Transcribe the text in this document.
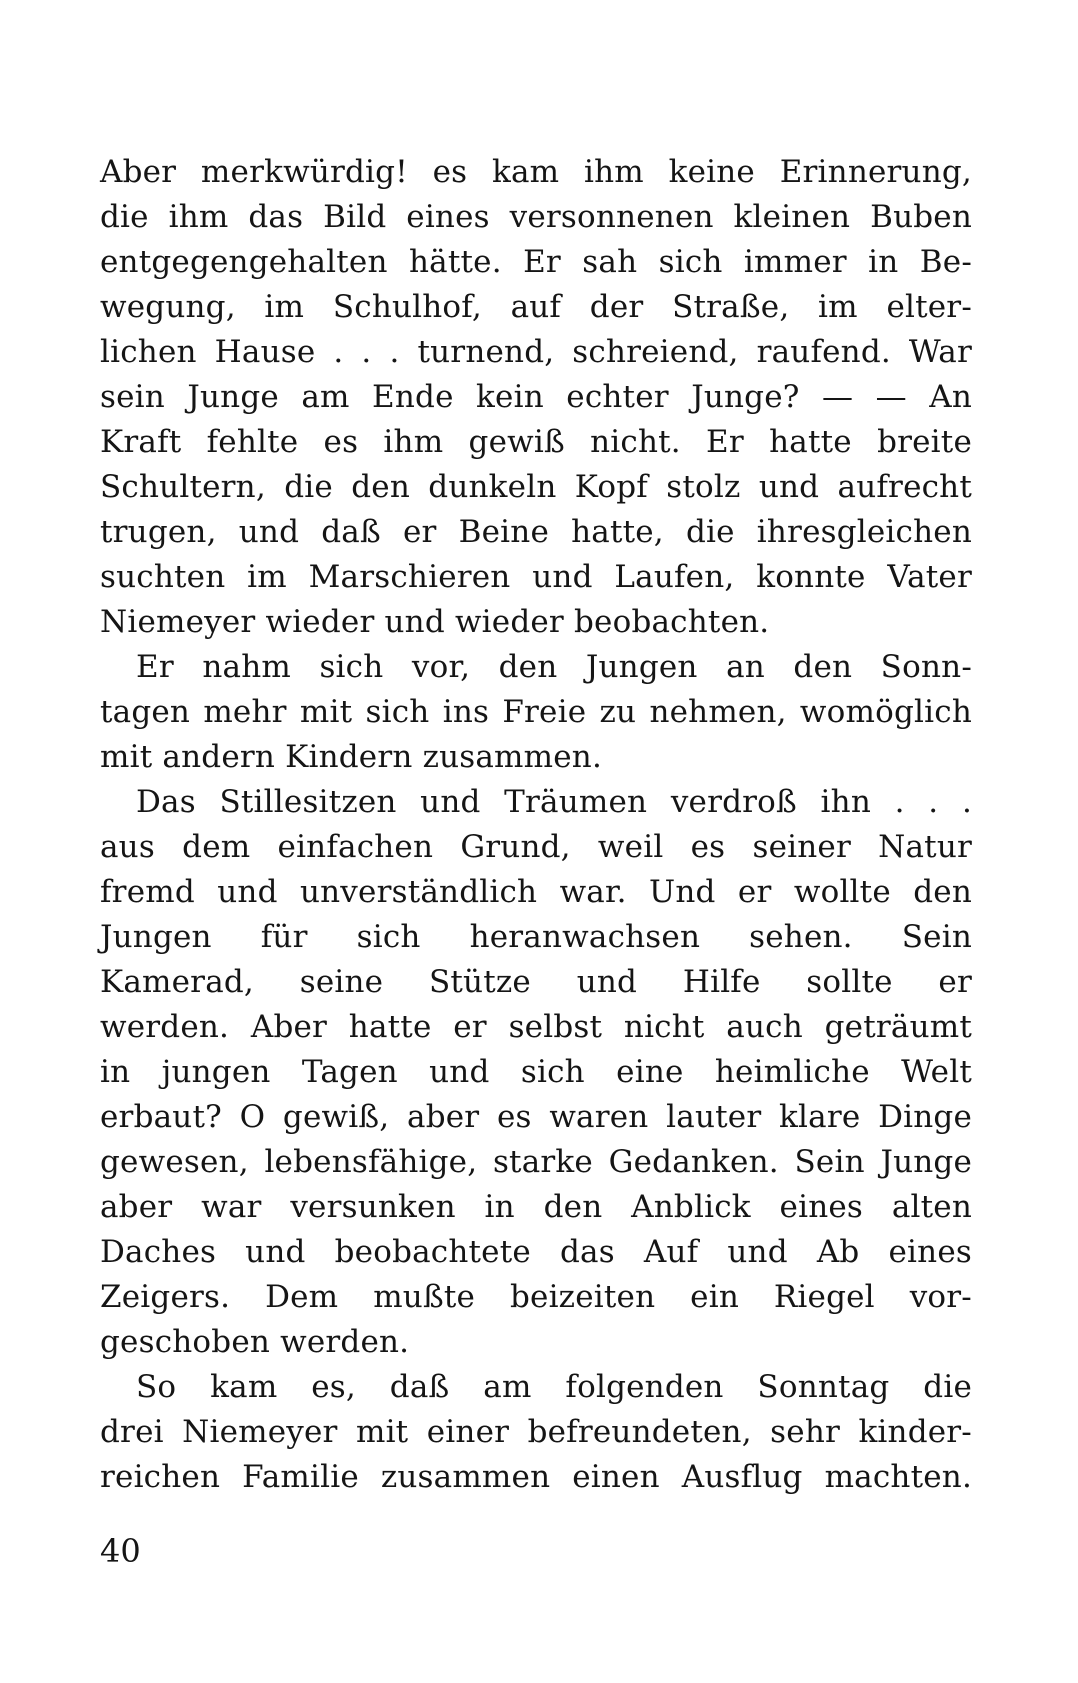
Aber merkwürdig! es kam ihm keine Erinnerung,
die ihm das Bild eines versonnenen kleinen Buben
entgegengehalten hätte. Er sah sich immer in Be-
wegung, im Schulhof, auf der Straße, im elter-
lichen Hause . . . turnend, schreiend, raufend. War
sein Junge am Ende kein echter Junge? — — An
Kraft fehlte es ihm gewiß nicht. Er hatte breite
Schultern, die den dunkeln Kopf stolz und aufrecht
trugen, und daß er Beine hatte, die ihresgleichen
suchten im Marschieren und Laufen, konnte Vater
Niemeyer wieder und wieder beobachten.
Er nahm sich vor, den Jungen an den Sonn-
tagen mehr mit sich ins Freie zu nehmen, womöglich
mit andern Kindern zusammen.
Das Stillesitzen und Träumen verdroß ihn . . .
aus dem einfachen Grund, weil es seiner Natur
fremd und unverständlich war. Und er wollte den
Jungen für sich heranwachsen sehen. Sein
Kamerad, seine Stütze und Hilfe sollte er
werden. Aber hatte er selbst nicht auch geträumt
in jungen Tagen und sich eine heimliche Welt
erbaut? O gewiß, aber es waren lauter klare Dinge
gewesen, lebensfähige, starke Gedanken. Sein Junge
aber war versunken in den Anblick eines alten
Daches und beobachtete das Auf und Ab eines
Zeigers. Dem mußte beizeiten ein Riegel vor-
geschoben werden.
So kam es, daß am folgenden Sonntag die
drei Niemeyer mit einer befreundeten, sehr kinder-
reichen Familie zusammen einen Ausflug machten.
40
